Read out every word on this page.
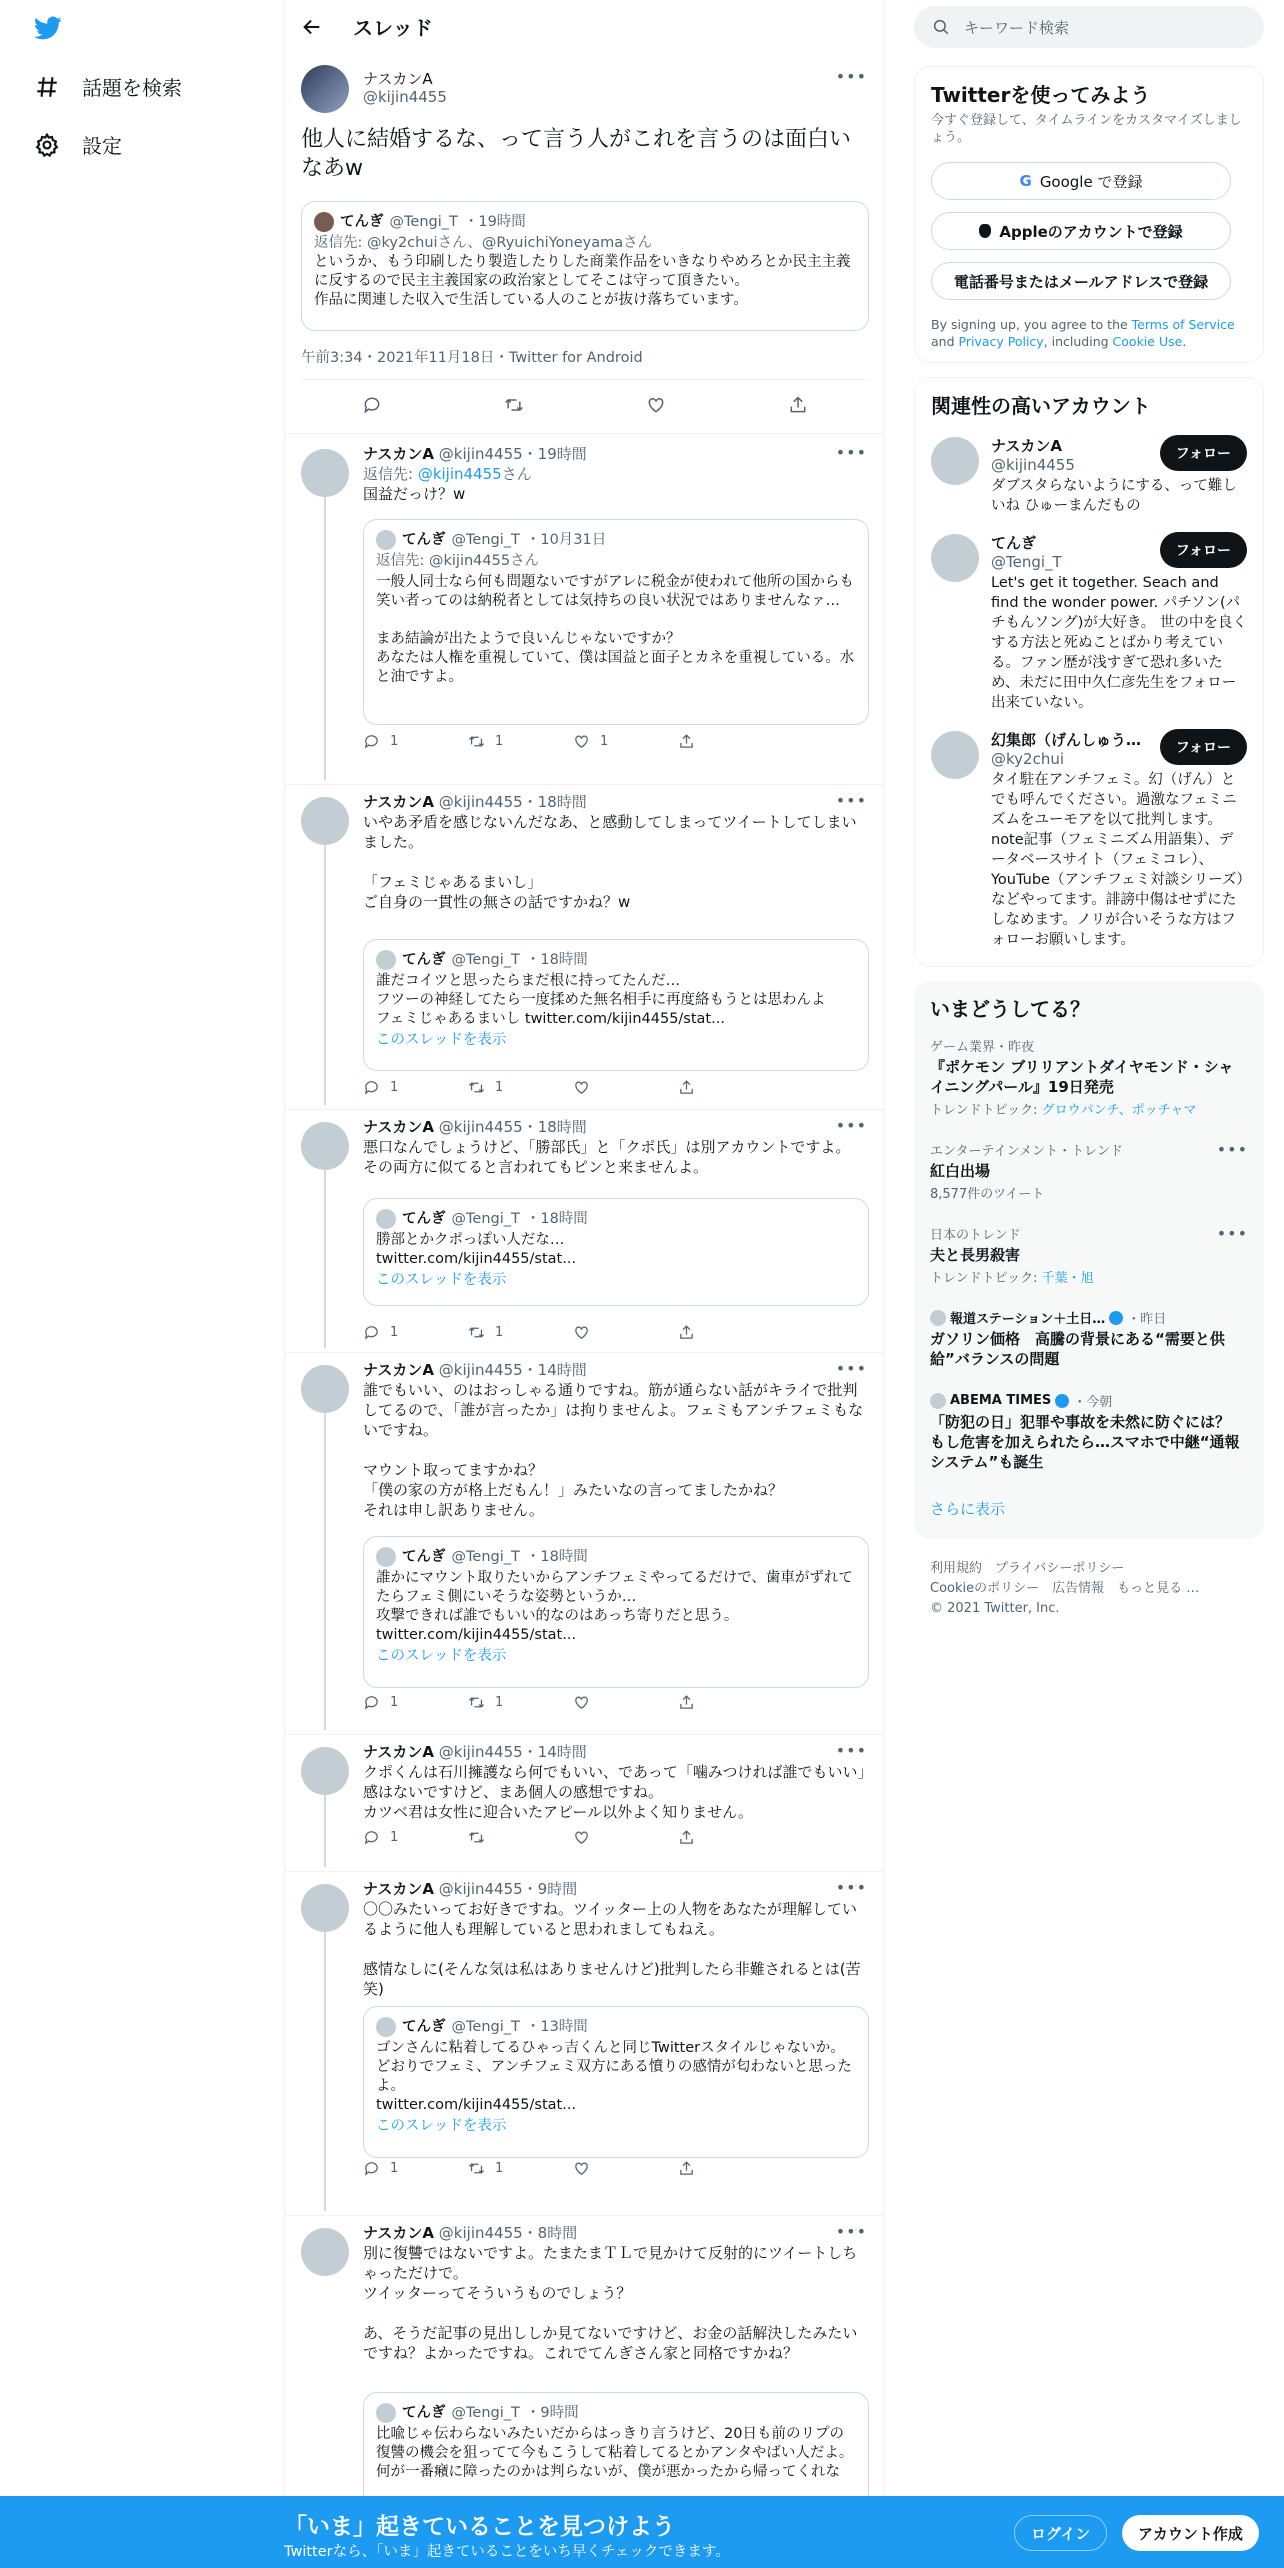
話題を検索
設定
スレッド
ナスカンA
@kijin4455
•••
他人に結婚するな、って言う人がこれを言うのは面白いなあw
てんぎ @Tengi_T ・19時間
返信先: @ky2chuiさん、@RyuichiYoneyamaさん
というか、もう印刷したり製造したりした商業作品をいきなりやめろとか民主主義に反するので民主主義国家の政治家としてそこは守って頂きたい。
作品に関連した収入で生活している人のことが抜け落ちています。
午前3:34・2021年11月18日・Twitter for Android
•••
ナスカンA @kijin4455・19時間
返信先: @kijin4455さん
国益だっけ？w
てんぎ @Tengi_T ・10月31日
返信先: @kijin4455さん
一般人同士なら何も問題ないですがアレに税金が使われて他所の国からも笑い者ってのは納税者としては気持ちの良い状況ではありませんなァ…

まあ結論が出たようで良いんじゃないですか？
あなたは人権を重視していて、僕は国益と面子とカネを重視している。水と油ですよ。
1	1	1
•••
ナスカンA @kijin4455・18時間
いやあ矛盾を感じないんだなあ、と感動してしまってツイートしてしまいました。

「フェミじゃあるまいし」
ご自身の一貫性の無さの話ですかね？w
てんぎ @Tengi_T ・18時間
誰だコイツと思ったらまだ根に持ってたんだ…
フツーの神経してたら一度揉めた無名相手に再度絡もうとは思わんよ
フェミじゃあるまいし twitter.com/kijin4455/stat...
このスレッドを表示
1	1
•••
ナスカンA @kijin4455・18時間
悪口なんでしょうけど、「勝部氏」と「クポ氏」は別アカウントですよ。
その両方に似てると言われてもピンと来ませんよ。
てんぎ @Tengi_T ・18時間
勝部とかクポっぽい人だな…
twitter.com/kijin4455/stat...
このスレッドを表示
1	1
•••
ナスカンA @kijin4455・14時間
誰でもいい、のはおっしゃる通りですね。筋が通らない話がキライで批判してるので、「誰が言ったか」は拘りませんよ。フェミもアンチフェミもないですね。

マウント取ってますかね？
「僕の家の方が格上だもん！」みたいなの言ってましたかね？
それは申し訳ありません。
てんぎ @Tengi_T ・18時間
誰かにマウント取りたいからアンチフェミやってるだけで、歯車がずれてたらフェミ側にいそうな姿勢というか…
攻撃できれば誰でもいい的なのはあっち寄りだと思う。
twitter.com/kijin4455/stat...
このスレッドを表示
1	1
•••
ナスカンA @kijin4455・14時間
クポくんは石川擁護なら何でもいい、であって「噛みつければ誰でもいい」感はないですけど、まあ個人の感想ですね。
カツベ君は女性に迎合いたアピール以外よく知りません。
1
•••
ナスカンA @kijin4455・9時間
〇〇みたいってお好きですね。ツイッター上の人物をあなたが理解しているように他人も理解していると思われましてもねえ。

感情なしに(そんな気は私はありませんけど)批判したら非難されるとは(苦笑)
てんぎ @Tengi_T ・13時間
ゴンさんに粘着してるひゃっ吉くんと同じTwitterスタイルじゃないか。
どおりでフェミ、アンチフェミ双方にある憤りの感情が匂わないと思ったよ。
twitter.com/kijin4455/stat...
このスレッドを表示
1	1
•••
ナスカンA @kijin4455・8時間
別に復讐ではないですよ。たまたまＴＬで見かけて反射的にツイートしちゃっただけで。
ツイッターってそういうものでしょう？

あ、そうだ記事の見出ししか見てないですけど、お金の話解決したみたいですね？よかったですね。これでてんぎさん家と同格ですかね？
てんぎ @Tengi_T ・9時間
比喩じゃ伝わらないみたいだからはっきり言うけど、20日も前のリプの復讐の機会を狙ってて今もこうして粘着してるとかアンタやばい人だよ。
何が一番癪に障ったのかは判らないが、僕が悪かったから帰ってくれな
キーワード検索
Twitterを使ってみよう
今すぐ登録して、タイムラインをカスタマイズしましょう。
G Google で登録
Appleのアカウントで登録
電話番号またはメールアドレスで登録
By signing up, you agree to the Terms of Service and Privacy Policy, including Cookie Use.
関連性の高いアカウント
ナスカンA
@kijin4455
ダブスタらないようにする、って難しいね ひゅーまんだもの
フォロー
てんぎ
@Tengi_T
Let's get it together. Seach and find the wonder power. パチソン(パチもんソング)が大好き。 世の中を良くする方法と死ぬことばかり考えている。ファン歴が浅すぎて恐れ多いため、未だに田中久仁彦先生をフォロー出来ていない。
フォロー
幻集郎（げんしゅう…
@ky2chui
タイ駐在アンチフェミ。幻（げん）とでも呼んでください。過激なフェミニズムをユーモアを以て批判します。note記事（フェミニズム用語集）、データベースサイト（フェミコレ）、YouTube（アンチフェミ対談シリーズ）などやってます。誹謗中傷はせずにたしなめます。ノリが合いそうな方はフォローお願いします。
フォロー
いまどうしてる？
ゲーム業界・昨夜
『ポケモン ブリリアントダイヤモンド・シャイニングパール』19日発売
トレンドトピック: グロウパンチ、ポッチャマ
エンターテインメント・トレンド	•••
紅白出場
8,577件のツイート
日本のトレンド	•••
夫と長男殺害
トレンドトピック: 千葉・旭
報道ステーション＋土日… ・昨日
ガソリン価格　高騰の背景にある“需要と供給”バランスの問題
ABEMA TIMES ・今朝
「防犯の日」犯罪や事故を未然に防ぐには？ もし危害を加えられたら…スマホで中継“通報システム”も誕生
さらに表示
利用規約　 プライバシーポリシー
Cookieのポリシー　 広告情報　 もっと見る …
© 2021 Twitter, Inc.
「いま」起きていることを見つけよう
Twitterなら、「いま」起きていることをいち早くチェックできます。
ログイン	アカウント作成
